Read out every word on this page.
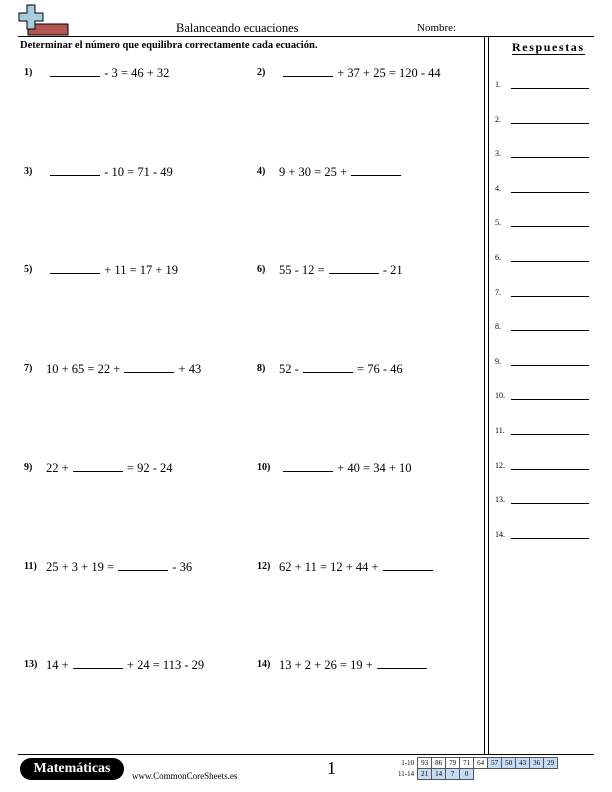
Balanceando ecuaciones	Nombre:
Determinar el número que equilibra correctamente cada ecuación.
1)	- 3 = 46 + 32	2)	+ 37 + 25 = 120 - 44
3)	- 10 = 71 - 49	4) 9 + 30 = 25 +
5)	+ 11 = 17 + 19	6) 55 - 12 =	- 21
7) 10 + 65 = 22 +	+ 43	8) 52 -	= 76 - 46
9) 22 +	= 92 - 24	10)	+ 40 = 34 + 10
11) 25 + 3 + 19 =	- 36	12) 62 + 11 = 12 + 44 +
13) 14 +	+ 24 = 113 - 29	14) 13 + 2 + 26 = 19 +
Respuestas
1.
2.
3.
4.
5.
6.
7.
8.
9.
10.
11.
12.
13.
14.
Matemáticas	www.CommonCoreSheets.es	1	1-10	93	86	79	71	64	57	50	43	36	29
11-14	21	14	7	0						
